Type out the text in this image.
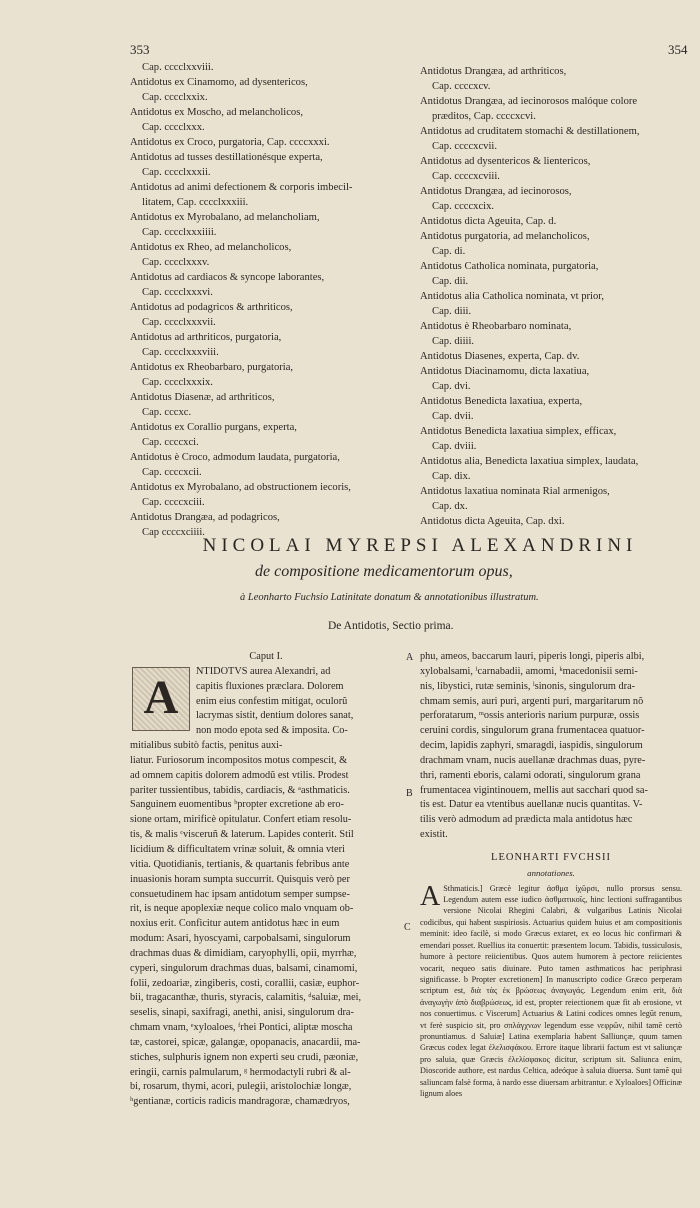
353	354
Cap. cccclxxviii.
Antidotus ex Cinamomo, ad dysentericos,
Cap. cccclxxix.
Antidotus ex Moscho, ad melancholicos,
Cap. cccclxxx.
Antidotus ex Croco, purgatoria, Cap. ccccxxxi.
Antidotus ad tusses destillationésque experta,
Cap. cccclxxxii.
Antidotus ad animi defectionem & corporis imbecil-
litatem, Cap. cccclxxxiii.
Antidotus ex Myrobalano, ad melancholiam,
Cap. cccclxxxiiii.
Antidotus ex Rheo, ad melancholicos,
Cap. cccclxxxv.
Antidotus ad cardiacos & syncope laborantes,
Cap. cccclxxxvi.
Antidotus ad podagricos & arthriticos,
Cap. cccclxxxvii.
Antidotus ad arthriticos, purgatoria,
Cap. cccclxxxviii.
Antidotus ex Rheobarbaro, purgatoria,
Cap. cccclxxxix.
Antidotus Diasenæ, ad arthriticos,
Cap. cccxc.
Antidotus ex Corallio purgans, experta,
Cap. ccccxci.
Antidotus è Croco, admodum laudata, purgatoria,
Cap. ccccxcii.
Antidotus ex Myrobalano, ad obstructionem iecoris,
Cap. ccccxciii.
Antidotus Drangæa, ad podagricos,
Cap ccccxciiii.
Antidotus Drangæa, ad arthriticos,
Cap. ccccxcv.
Antidotus Drangæa, ad iecinorosos malóque colore
præditos, Cap. ccccxcvi.
Antidotus ad cruditatem stomachi & destillationem,
Cap. ccccxcvii.
Antidotus ad dysentericos & lientericos,
Cap. ccccxcviii.
Antidotus Drangæa, ad iecinorosos,
Cap. ccccxcix.
Antidotus dicta Ageuita, Cap. d.
Antidotus purgatoria, ad melancholicos,
Cap. di.
Antidotus Catholica nominata, purgatoria,
Cap. dii.
Antidotus alia Catholica nominata, vt prior,
Cap. diii.
Antidotus è Rheobarbaro nominata,
Cap. diiii.
Antidotus Diasenes, experta, Cap. dv.
Antidotus Diacinamomu, dicta laxatiua,
Cap. dvi.
Antidotus Benedicta laxatiua, experta,
Cap. dvii.
Antidotus Benedicta laxatiua simplex, efficax,
Cap. dviii.
Antidotus alia, Benedicta laxatiua simplex, laudata,
Cap. dix.
Antidotus laxatiua nominata Rial armenigos,
Cap. dx.
Antidotus dicta Ageuita, Cap. dxi.
NICOLAI MYREPSI ALEXANDRINI
de compositione medicamentorum opus,
à Leonharto Fuchsio Latinitate donatum & annotationibus illustratum.
De Antidotis, Sectio prima.

Caput I.

A
NTIDOTVS aurea Alexandri, ad
capitis fluxiones præclara. Dolorem
enim eius confestim mitigat, oculorũ
lacrymas sistit, dentium dolores sanat,
non modo epota sed & imposita. Co-
mitialibus subitò factis, penitus auxi-
liatur. Furiosorum incompositos motus compescit, &
ad omnem capitis dolorem admodũ est vtilis. Prodest
pariter tussientibus, tabidis, cardiacis, & ᵃasthmaticis.
Sanguinem euomentibus ᵇpropter excretione ab ero-
sione ortam, mirificè opitulatur. Confert etiam resolu-
tis, & malis ᶜvisceruñ & laterum. Lapides conterit. Stil
licidium & difficultatem vrinæ soluit, & omnia vteri
vitia. Quotidianis, tertianis, & quartanis febribus ante
inuasionis horam sumpta succurrit. Quisquis verò per
consuetudinem hac ipsam antidotum semper sumpse-
rit, is neque apoplexiæ neque colico malo vnquam ob-
noxius erit. Conficitur autem antidotus hæc in eum
modum: Asari, hyoscyami, carpobalsami, singulorum
drachmas duas & dimidiam, caryophylli, opii, myrrhæ,
cyperi, singulorum drachmas duas, balsami, cinamomi,
folii, zedoariæ, zingiberis, costi, corallii, casiæ, euphor-
bii, tragacanthæ, thuris, styracis, calamitis, ᵈsaluiæ, mei,
seselis, sinapi, saxifragi, anethi, anisi, singulorum dra-
chmam vnam, ᵉxyloaloes, ᶠrhei Pontici, aliptæ moscha
tæ, castorei, spicæ, galangæ, opopanacis, anacardii, ma-
stiches, sulphuris ignem non experti seu crudi, pæoniæ,
eringii, carnis palmularum, ᵍ hermodactyli rubri & al-
bi, rosarum, thymi, acori, pulegii, aristolochiæ longæ,
ʰgentianæ, corticis radicis mandragoræ, chamædryos,
A
B
C
phu, ameos, baccarum lauri, piperis longi, piperis albi,
xylobalsami, ⁱcarnabadii, amomi, ᵏmacedonisii semi-
nis, libystici, rutæ seminis, ˡsinonis, singulorum dra-
chmam semis, auri puri, argenti puri, margaritarum nõ
perforatarum, ᵐossis anterioris narium purpuræ, ossis
ceruini cordis, singulorum grana frumentacea quatuor-
decim, lapidis zaphyri, smaragdi, iaspidis, singulorum
drachmam vnam, nucis auellanæ drachmas duas, pyre-
thri, ramenti eboris, calami odorati, singulorum grana
frumentacea vigintinouem, mellis aut sacchari quod sa-
tis est. Datur ea vtentibus auellanæ nucis quantitas. V-
tilis verò admodum ad prædicta mala antidotus hæc
existit.
LEONHARTI FVCHSII
annotationes.
A Sthmaticis.] Græcè legitur ἀσθμα ἰχῶρσι, nullo prorsus sensu. Legendum autem esse iudico ἀσθματικοῖς, hinc lectioni suffragantibus versione Nicolai Rhegini Calabri, & vulgaribus Latinis Nicolai codicibus, qui habent suspiriosis. Actuarius quidem huius et am compositionis meminit: ideo facilè, si modo Græcus extaret, ex eo locus hic confirmari & emendari posset. Ruellius ita conuertit: præsentem locum. Tabidis, tussiculosis, humore à pectore reiicientibus. Quos autem humorem à pectore reiicientes vocarit, nequeo satis diuinare. Puto tamen asthmaticos hac periphrasi significasse. b Propter excretionem] In manuscripto codice Græco perperam scriptum est, διὰ τὰς ἐκ βρώσεως ἀναγωγάς. Legendum enim erit, διὰ ἀναγωγὴν ἀπὸ διαβρώσεως, id est, propter reiectionem quæ fit ab erosione, vt nos conuertimus. c Viscerum] Actuarius & Latini codices omnes legũt renum, vt ferè suspicio sit, pro σπλάγχνων legendum esse νεφρῶν, nihil tamẽ certò pronuntiamus. d Saluiæ] Latina exemplaria habent Salliunçæ, quum tamen Græcus codex legat ἐλελισφάκου. Errore itaque librarii factum est vt saliunçæ pro saluia, quæ Græcis ἐλελίσφακος dicitur, scriptum sit. Saliunca enim, Dioscoride authore, est nardus Celtica, adeóque à saluia diuersa. Sunt tamẽ qui saliuncam falsè forma, à nardo esse diuersam arbitrantur. e Xyloaloes] Officinæ lignum aloes
